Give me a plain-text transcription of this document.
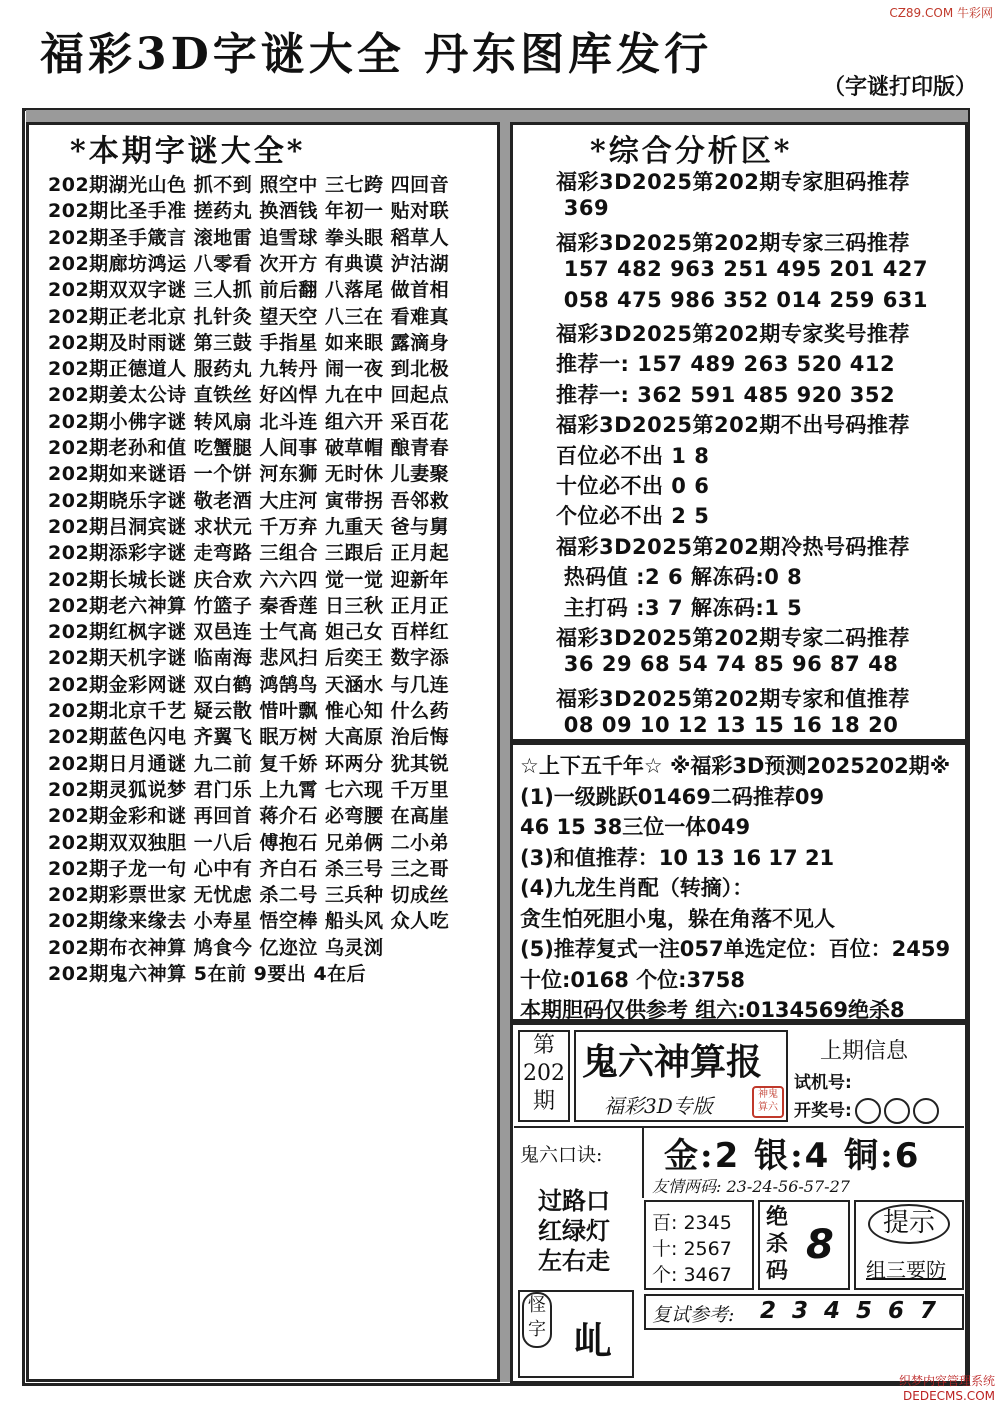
CZ89.COM 牛彩网
福彩3D字谜大全 丹东图库发行
（字谜打印版）
*本期字谜大全*
202期湖光山色 抓不到 照空中 三七跨 四回音
202期比圣手准 搓药丸 换酒钱 年初一 贴对联
202期圣手箴言 滚地雷 追雪球 拳头眼 稻草人
202期廊坊鸿运 八零看 次开方 有典谟 泸沽湖
202期双双字谜 三人抓 前后翻 八落尾 做首相
202期正老北京 扎针灸 望天空 八三在 看难真
202期及时雨谜 第三鼓 手指星 如来眼 露滴身
202期正德道人 服药丸 九转丹 闹一夜 到北极
202期姜太公诗 直铁丝 好凶悍 九在中 回起点
202期小佛字谜 转风扇 北斗连 组六开 采百花
202期老孙和值 吃蟹腿 人间事 破草帽 酿青春
202期如来谜语 一个饼 河东狮 无时休 儿妻聚
202期晓乐字谜 敬老酒 大庄河 寅带拐 吾邻救
202期吕洞宾谜 求状元 千万弃 九重天 爸与舅
202期添彩字谜 走弯路 三组合 三跟后 正月起
202期长城长谜 庆合欢 六六四 觉一觉 迎新年
202期老六神算 竹篮子 秦香莲 日三秋 正月正
202期红枫字谜 双邑连 士气高 妲己女 百样红
202期天机字谜 临南海 悲风扫 后奕王 数字添
202期金彩网谜 双白鹤 鸿鹄鸟 天涵水 与几连
202期北京千艺 疑云散 惜叶飘 惟心知 什么药
202期蓝色闪电 齐翼飞 眠万树 大高原 治后悔
202期日月通谜 九二前 复千娇 环两分 犹其锐
202期灵狐说梦 君门乐 上九霄 七六现 千万里
202期金彩和谜 再回首 蒋介石 必弯腰 在高崖
202期双双独胆 一八后 傅抱石 兄弟俩 二小弟
202期子龙一句 心中有 齐白石 杀三号 三之哥
202期彩票世家 无忧虑 杀二号 三兵种 切成丝
202期缘来缘去 小寿星 悟空棒 船头风 众人吃
202期布衣神算 鸠食今 亿迩泣 乌灵浏
202期鬼六神算 5在前 9要出 4在后
*综合分析区*
福彩3D2025第202期专家胆码推荐
369
福彩3D2025第202期专家三码推荐
157 482 963 251 495 201 427
058 475 986 352 014 259 631
福彩3D2025第202期专家奖号推荐
推荐一: 157 489 263 520 412
推荐一: 362 591 485 920 352
福彩3D2025第202期不出号码推荐
百位必不出 1 8
十位必不出 0 6
个位必不出 2 5
福彩3D2025第202期冷热号码推荐
热码值 :2 6 解冻码:0 8
主打码 :3 7 解冻码:1 5
福彩3D2025第202期专家二码推荐
36 29 68 54 74 85 96 87 48
福彩3D2025第202期专家和值推荐
08 09 10 12 13 15 16 18 20
☆上下五千年☆ ※福彩3D预测2025202期※
(1)一级跳跃01469二码推荐09
46 15 38三位一体049
(3)和值推荐：10 13 16 17 21
(4)九龙生肖配（转摘）：
贪生怕死胆小鬼，躲在角落不见人
(5)推荐复式一注057单选定位：百位：2459
十位:0168 个位:3758
本期胆码仅供参考 组六:0134569绝杀8
第
202
期
鬼六神算报
福彩3D专版	神鬼 算六
上期信息
试机号:
开奖号:
鬼六口诀: 金:2 银:4 铜:6
友情两码: 23-24-56-57-27
过路口
红绿灯
左右走
百: 2345
十: 2567
个: 3467
绝
杀
码
8	提示
组三要防
怪
字 乢
复试参考: 2 3 4 5 6 7
织梦内容管理系统
DEDECMS.COM
